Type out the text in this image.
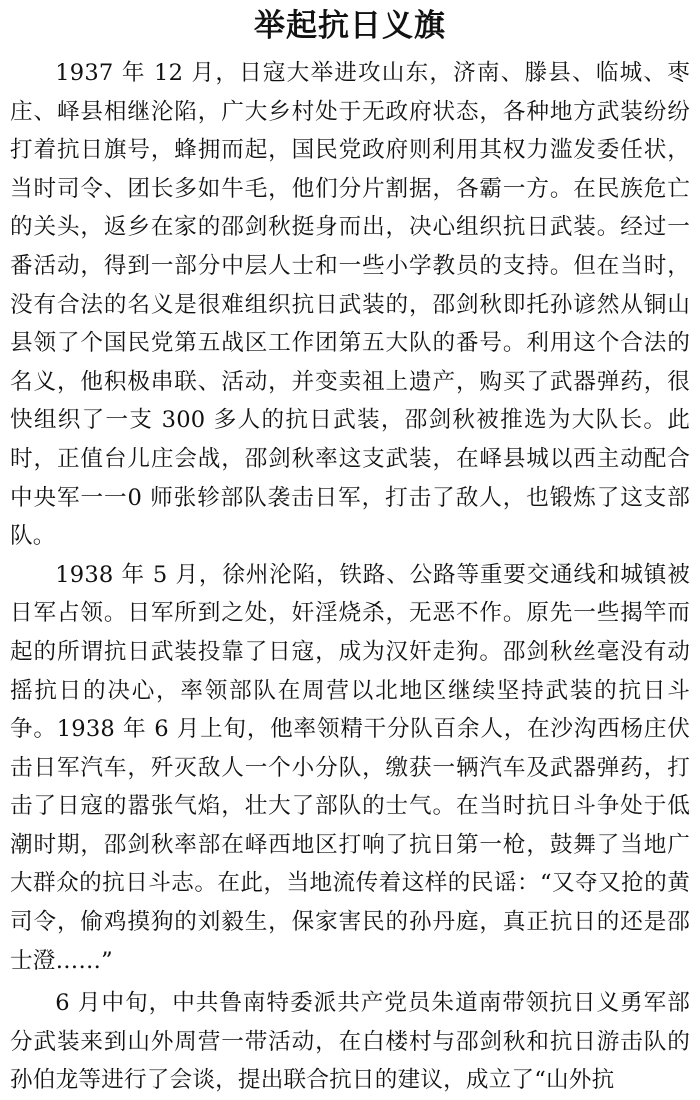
举起抗日义旗

1937 年 12 月，日寇大举进攻山东，济南、滕县、临城、枣庄、峄县相继沦陷，广大乡村处于无政府状态，各种地方武装纷纷打着抗日旗号，蜂拥而起，国民党政府则利用其权力滥发委任状，当时司令、团长多如牛毛，他们分片割据，各霸一方。在民族危亡的关头，返乡在家的邵剑秋挺身而出，决心组织抗日武装。经过一番活动，得到一部分中层人士和一些小学教员的支持。但在当时，没有合法的名义是很难组织抗日武装的，邵剑秋即托孙谚然从铜山县领了个国民党第五战区工作团第五大队的番号。利用这个合法的名义，他积极串联、活动，并变卖祖上遗产，购买了武器弹药，很快组织了一支 300 多人的抗日武装，邵剑秋被推选为大队长。此时，正值台儿庄会战，邵剑秋率这支武装，在峄县城以西主动配合中央军一一0 师张轸部队袭击日军，打击了敌人，也锻炼了这支部队。

1938 年 5 月，徐州沦陷，铁路、公路等重要交通线和城镇被日军占领。日军所到之处，奸淫烧杀，无恶不作。原先一些揭竿而起的所谓抗日武装投靠了日寇，成为汉奸走狗。邵剑秋丝毫没有动摇抗日的决心，率领部队在周营以北地区继续坚持武装的抗日斗争。1938 年 6 月上旬，他率领精干分队百余人，在沙沟西杨庄伏击日军汽车，歼灭敌人一个小分队，缴获一辆汽车及武器弹药，打击了日寇的嚣张气焰，壮大了部队的士气。在当时抗日斗争处于低潮时期，邵剑秋率部在峄西地区打响了抗日第一枪，鼓舞了当地广大群众的抗日斗志。在此，当地流传着这样的民谣：“又夺又抢的黄司令，偷鸡摸狗的刘毅生，保家害民的孙丹庭，真正抗日的还是邵士澄……”

6 月中旬，中共鲁南特委派共产党员朱道南带领抗日义勇军部分武装来到山外周营一带活动，在白楼村与邵剑秋和抗日游击队的孙伯龙等进行了会谈，提出联合抗日的建议，成立了“山外抗
